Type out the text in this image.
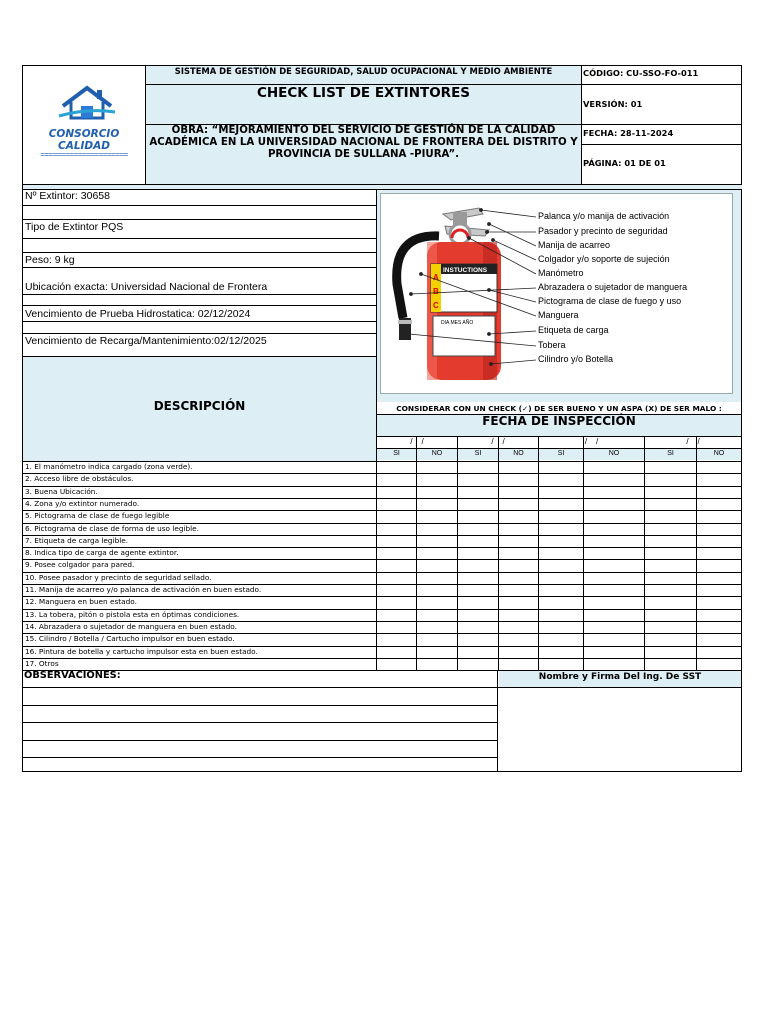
CONSORCIO CALIDAD
=====================
SISTEMA DE GESTIÓN DE SEGURIDAD, SALUD OCUPACIONAL Y MEDIO AMBIENTE
CHECK LIST DE EXTINTORES
OBRA: “MEJORAMIENTO DEL SERVICIO DE GESTIÓN DE LA CALIDAD ACADÉMICA EN LA UNIVERSIDAD NACIONAL DE FRONTERA DEL DISTRITO Y PROVINCIA DE SULLANA -PIURA”.
CÓDIGO: CU-SSO-FO-011
VERSIÓN: 01
FECHA: 28-11-2024
PÁGINA: 01 DE 01
Nº Extintor: 30658
Tipo de Extintor PQS
Peso: 9 kg
Ubicación exacta: Universidad Nacional de Frontera
Vencimiento de Prueba Hidrostatica: 02/12/2024
Vencimiento de Recarga/Mantenimiento:02/12/2025
INSTUCTIONS
A
B
C
DIA MES AÑO
Palanca y/o manija de activación
Pasador y precinto de seguridad
Manija de acarreo
Colgador y/o soporte de sujeción
Manómetro
Abrazadera o sujetador de manguera
Pictograma de clase de fuego y uso
Manguera
Etiqueta de carga
Tobera
Cilindro y/o Botella
DESCRIPCIÓN	CONSIDERAR CON UN CHECK (✓) DE SER BUENO Y UN ASPA (X) DE SER MALO :
FECHA DE INSPECCIÓN
/    /	/    /	/    /	/    /
SI	NO	SI	NO	SI	NO	SI	NO
1. El manómetro indica cargado (zona verde).
2. Acceso libre de obstáculos.
3. Buena Ubicación.
4. Zona y/o extintor numerado.
5. Pictograma de clase de fuego legible
6. Pictograma de clase de forma de uso legible.
7. Etiqueta de carga legible.
8. Indica tipo de carga de agente extintor.
9. Posee colgador para pared.
10. Posee pasador y precinto de seguridad sellado.
11. Manija de acarreo y/o palanca de activación en buen estado.
12. Manguera en buen estado.
13. La tobera, pitón o pistola esta en óptimas condiciones.
14. Abrazadera o sujetador de manguera en buen estado.
15. Cilindro / Botella / Cartucho impulsor en buen estado.
16. Pintura de botella y cartucho impulsor esta en buen estado.
17. Otros
OBSERVACIONES:	Nombre y Firma Del Ing. De SST
